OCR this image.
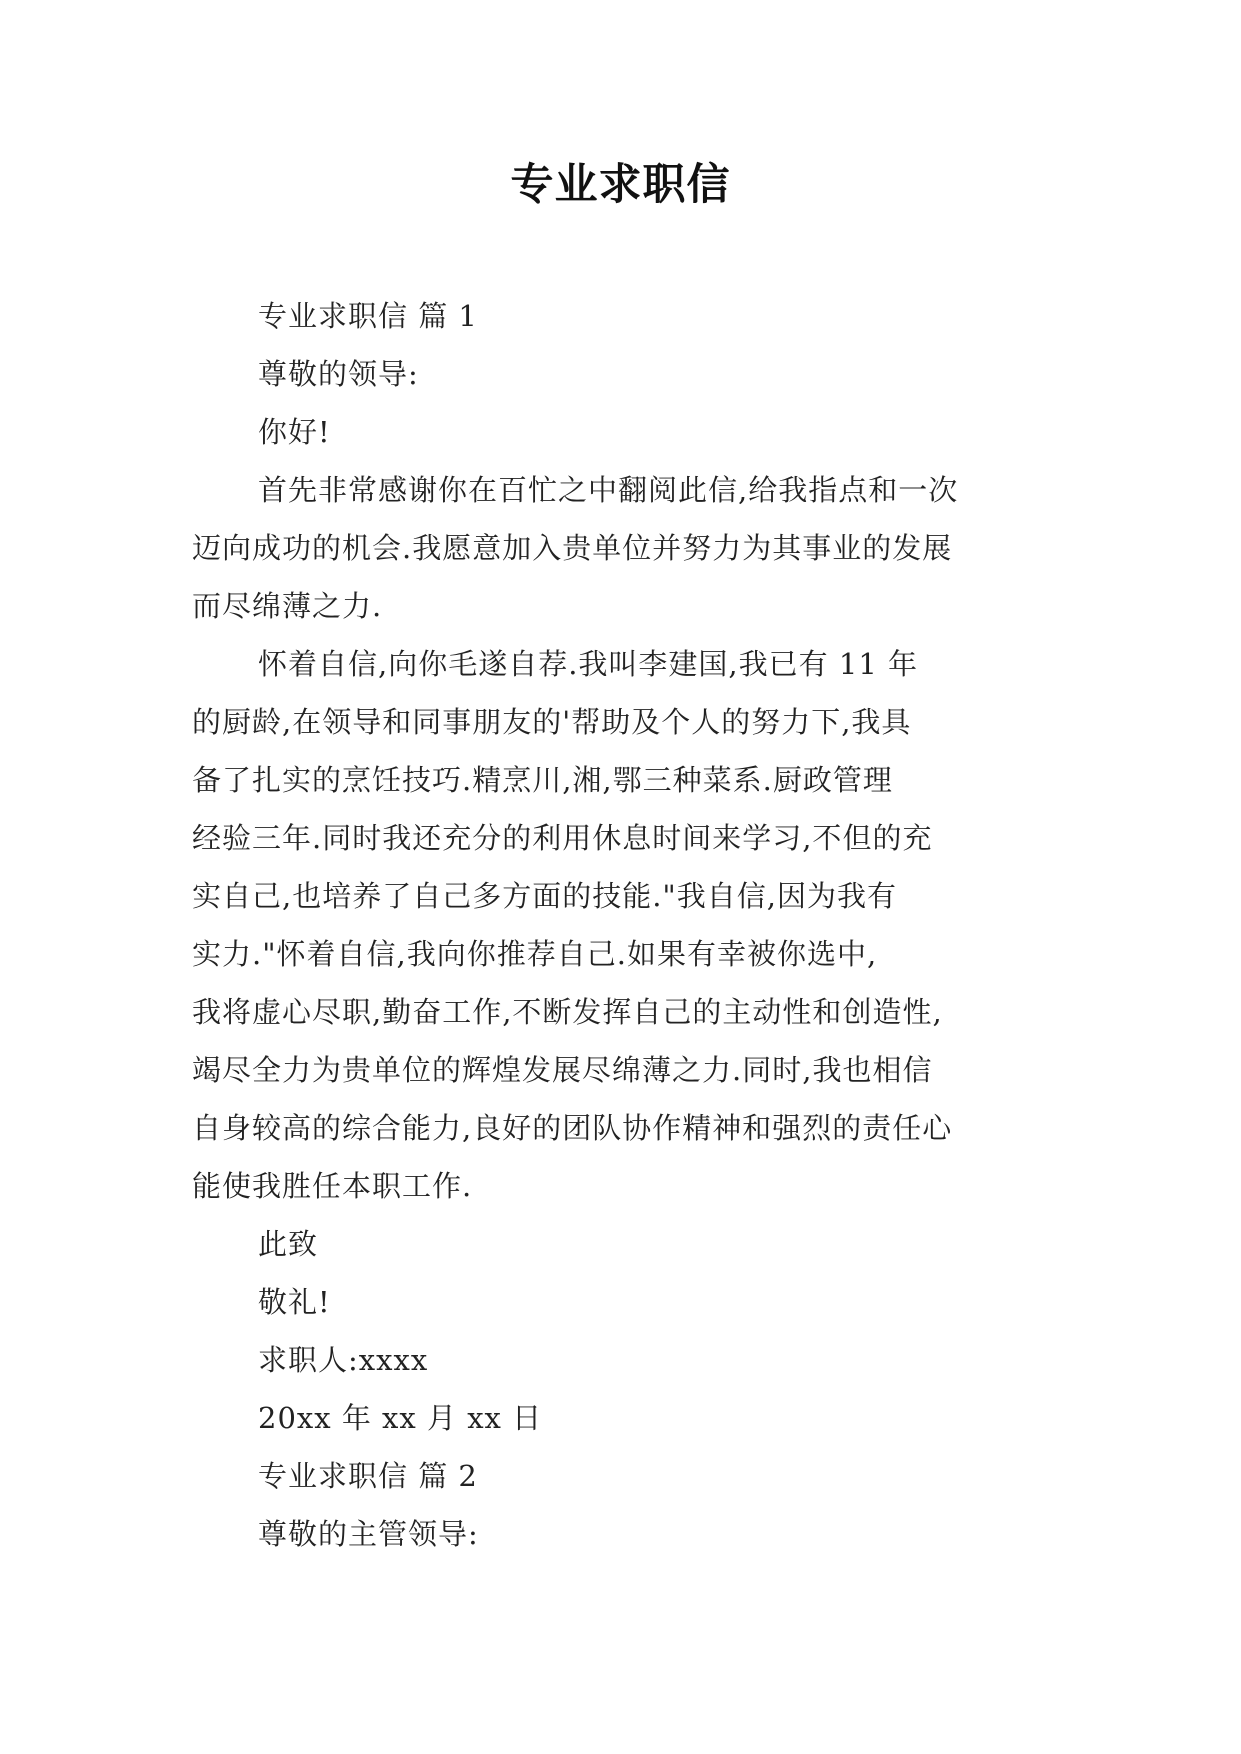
专业求职信
专业求职信 篇 1
尊敬的领导:
你好!
首先非常感谢你在百忙之中翻阅此信,给我指点和一次
迈向成功的机会.我愿意加入贵单位并努力为其事业的发展
而尽绵薄之力.
怀着自信,向你毛遂自荐.我叫李建国,我已有 11 年
的厨龄,在领导和同事朋友的'帮助及个人的努力下,我具
备了扎实的烹饪技巧.精烹川,湘,鄂三种菜系.厨政管理
经验三年.同时我还充分的利用休息时间来学习,不但的充
实自己,也培养了自己多方面的技能."我自信,因为我有
实力."怀着自信,我向你推荐自己.如果有幸被你选中,
我将虚心尽职,勤奋工作,不断发挥自己的主动性和创造性,
竭尽全力为贵单位的辉煌发展尽绵薄之力.同时,我也相信
自身较高的综合能力,良好的团队协作精神和强烈的责任心
能使我胜任本职工作.
此致
敬礼!
求职人:xxxx
20xx 年 xx 月 xx 日
专业求职信 篇 2
尊敬的主管领导:
